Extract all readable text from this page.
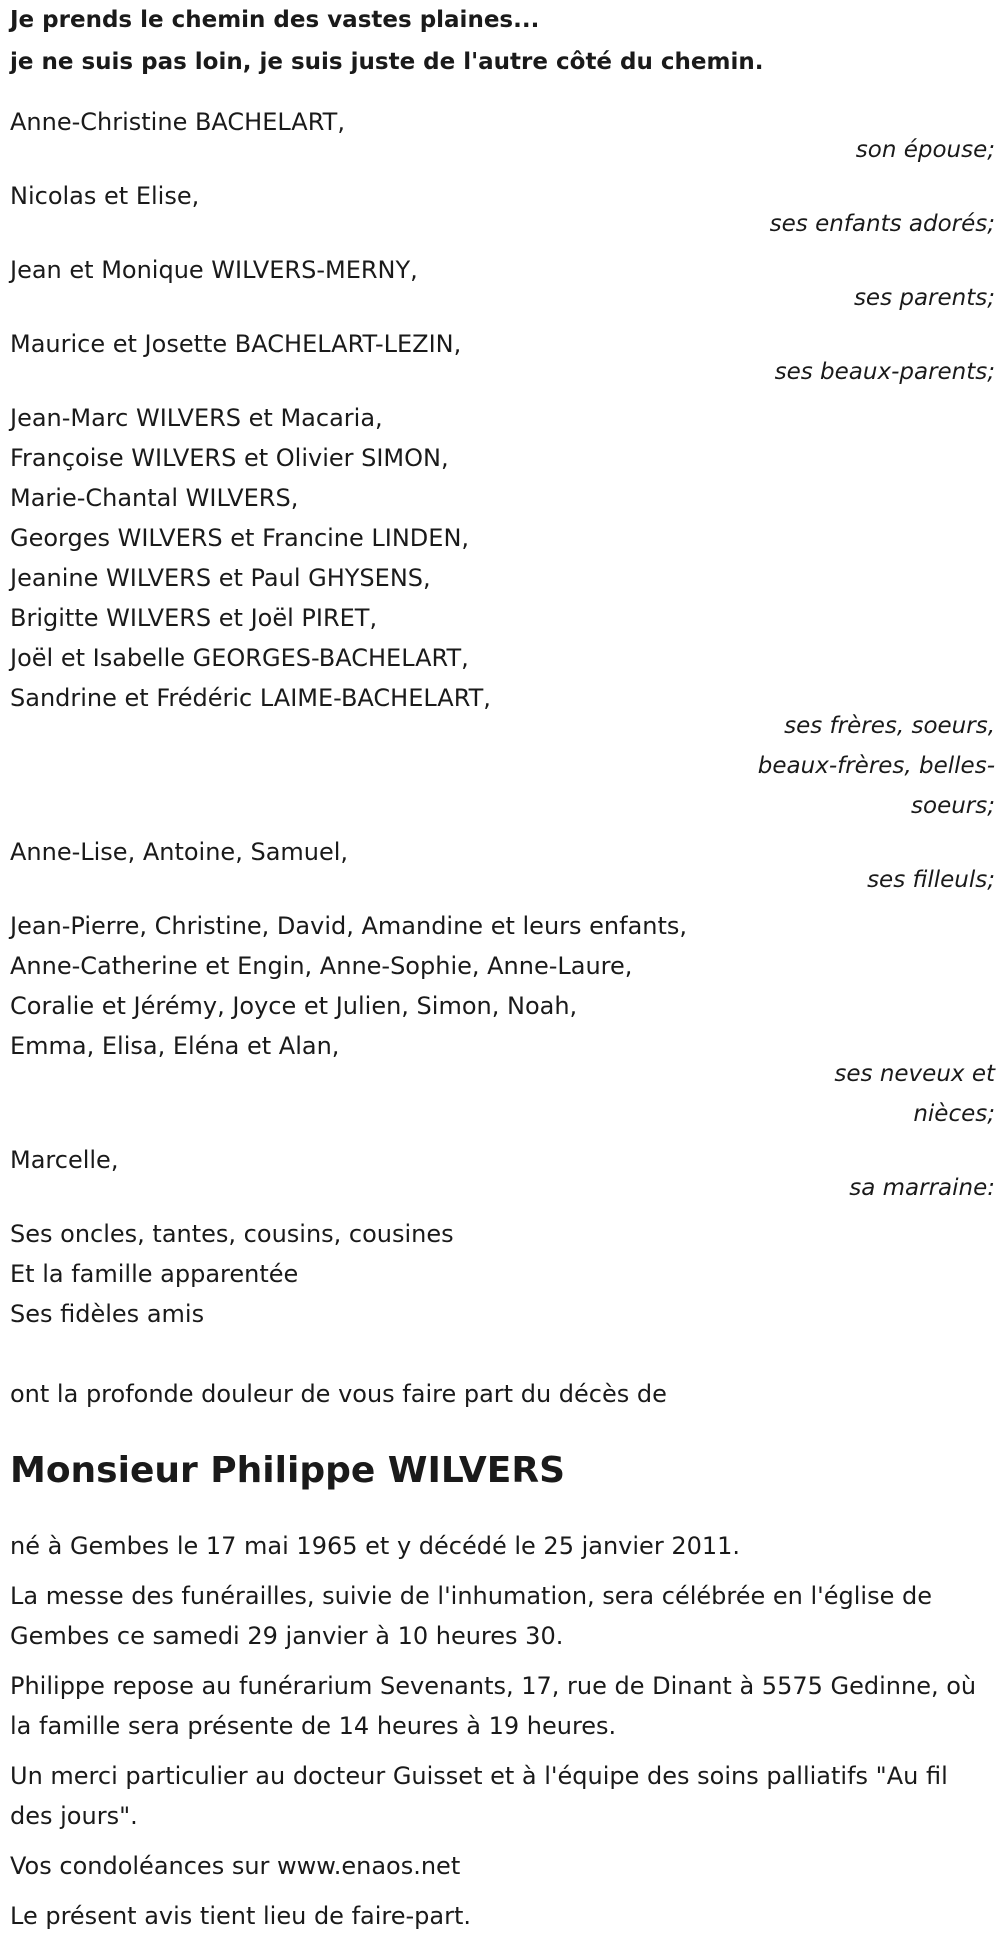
Je prends le chemin des vastes plaines...

je ne suis pas loin, je suis juste de l'autre côté du chemin.

Anne-Christine BACHELART,
son épouse;
Nicolas et Elise,
ses enfants adorés;
Jean et Monique WILVERS-MERNY,
ses parents;
Maurice et Josette BACHELART-LEZIN,
ses beaux-parents;
Jean-Marc WILVERS et Macaria,
Françoise WILVERS et Olivier SIMON,
Marie-Chantal WILVERS,
Georges WILVERS et Francine LINDEN,
Jeanine WILVERS et Paul GHYSENS,
Brigitte WILVERS et Joël PIRET,
Joël et Isabelle GEORGES-BACHELART,
Sandrine et Frédéric LAIME-BACHELART,
ses frères, soeurs,
beaux-frères, belles-
soeurs;
Anne-Lise, Antoine, Samuel,
ses filleuls;
Jean-Pierre, Christine, David, Amandine et leurs enfants,
Anne-Catherine et Engin, Anne-Sophie, Anne-Laure,
Coralie et Jérémy, Joyce et Julien, Simon, Noah,
Emma, Elisa, Eléna et Alan,
ses neveux et
nièces;
Marcelle,
sa marraine:
Ses oncles, tantes, cousins, cousines
Et la famille apparentée
Ses fidèles amis
ont la profonde douleur de vous faire part du décès de
Monsieur Philippe WILVERS

né à Gembes le 17 mai 1965 et y décédé le 25 janvier 2011.

La messe des funérailles, suivie de l'inhumation, sera célébrée en l'église de Gembes ce samedi 29 janvier à 10 heures 30.

Philippe repose au funérarium Sevenants, 17, rue de Dinant à 5575 Gedinne, où la famille sera présente de 14 heures à 19 heures.

Un merci particulier au docteur Guisset et à l'équipe des soins palliatifs "Au fil des jours".

Vos condoléances sur www.enaos.net

Le présent avis tient lieu de faire-part.
